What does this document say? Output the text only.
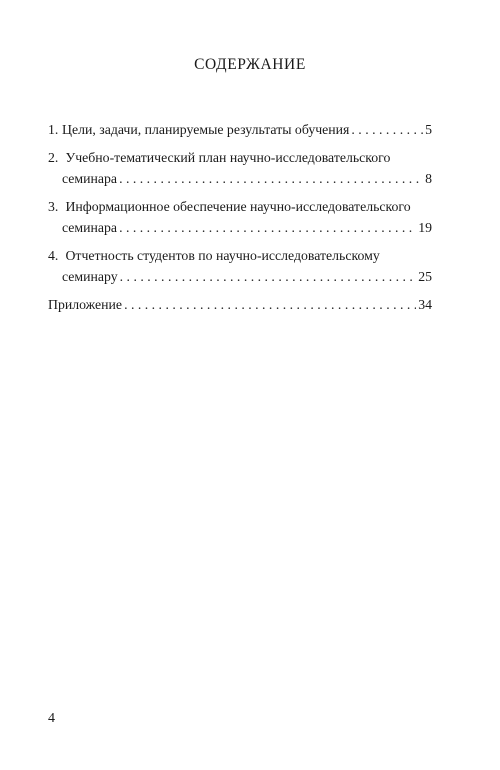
СОДЕРЖАНИЕ
1. Цели, задачи, планируемые результаты обучения . . .	5
2. Учебно-тематический план научно-исследовательского
семинара . . .	8
3. Информационное обеспечение научно-исследовательского
семинара . . .	19
4. Отчетность студентов по научно-исследовательскому
семинару . . .	25
Приложение . . .	34
4
